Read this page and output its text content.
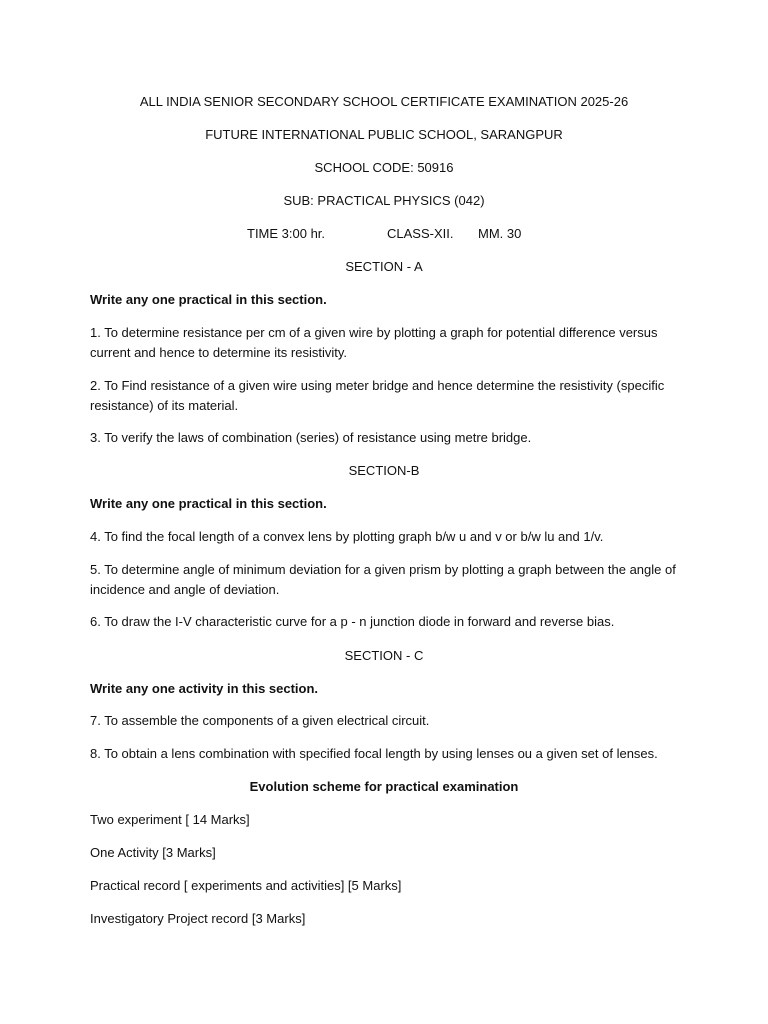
ALL INDIA SENIOR SECONDARY SCHOOL CERTIFICATE EXAMINATION 2025-26
FUTURE INTERNATIONAL PUBLIC SCHOOL, SARANGPUR
SCHOOL CODE: 50916
SUB: PRACTICAL PHYSICS (042)
TIME 3:00 hr.	CLASS-XII. MM. 30
SECTION - A
Write any one practical in this section.
1. To determine resistance per cm of a given wire by plotting a graph for potential difference versus current and hence to determine its resistivity.
2. To Find resistance of a given wire using meter bridge and hence determine the resistivity (specific resistance) of its material.
3. To verify the laws of combination (series) of resistance using metre bridge.
SECTION-B
Write any one practical in this section.
4. To find the focal length of a convex lens by plotting graph b/w u and v or b/w lu and 1/v.
5. To determine angle of minimum deviation for a given prism by plotting a graph between the angle of incidence and angle of deviation.
6. To draw the I-V characteristic curve for a p - n junction diode in forward and reverse bias.
SECTION - C
Write any one activity in this section.
7. To assemble the components of a given electrical circuit.
8. To obtain a lens combination with specified focal length by using lenses ou a given set of lenses.
Evolution scheme for practical examination
Two experiment [ 14 Marks]
One Activity [3 Marks]
Practical record [ experiments and activities] [5 Marks]
Investigatory Project record [3 Marks]
